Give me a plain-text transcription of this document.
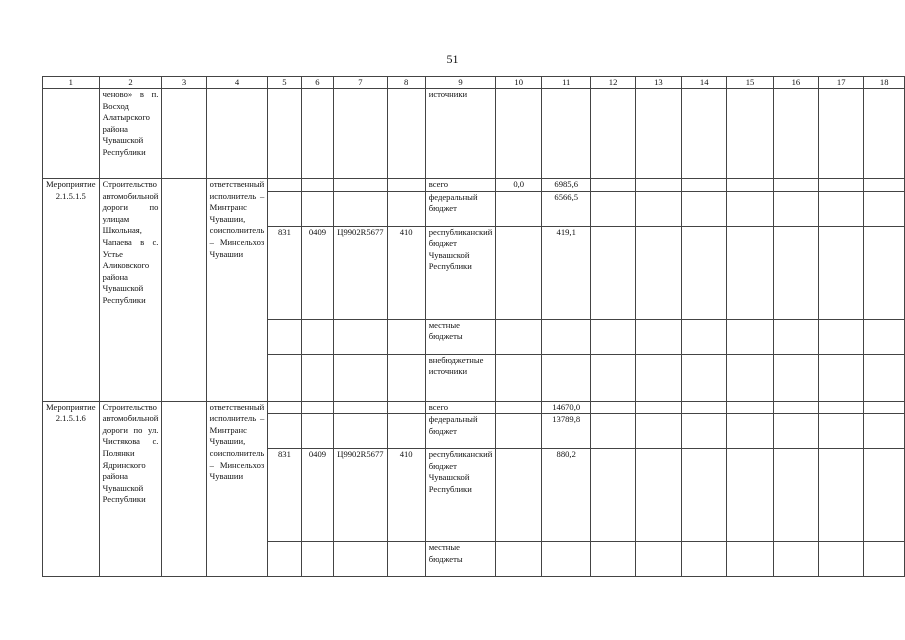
51
1	2	3	4	5	6	7	8	9	10	11	12	13	14	15	16	17	18
	ченово» в п. Восход Алатырского района Чувашской Республики							источники									
Мероприятие 2.1.5.1.5	Строительство автомобильной дороги по улицам Школьная, Чапаева в с. Устье Аликовского района Чувашской Республики		ответственный исполнитель – Минтранс Чувашии, соисполнитель – Минсельхоз Чувашии					всего	0,0	6985,6							
								федеральный бюджет		6566,5							
				831	0409	Ц9902R5677	410	республиканский бюджет Чувашской Республики		419,1							
								местные бюджеты									
								внебюджетные источники									
Мероприятие 2.1.5.1.6	Строительство автомобильной дороги по ул. Чистякова с. Полянки Ядринского района Чувашской Республики		ответственный исполнитель – Минтранс Чувашии, соисполнитель – Минсельхоз Чувашии					всего		14670,0							
								федеральный бюджет		13789,8							
				831	0409	Ц9902R5677	410	республиканский бюджет Чувашской Республики		880,2							
								местные бюджеты									
